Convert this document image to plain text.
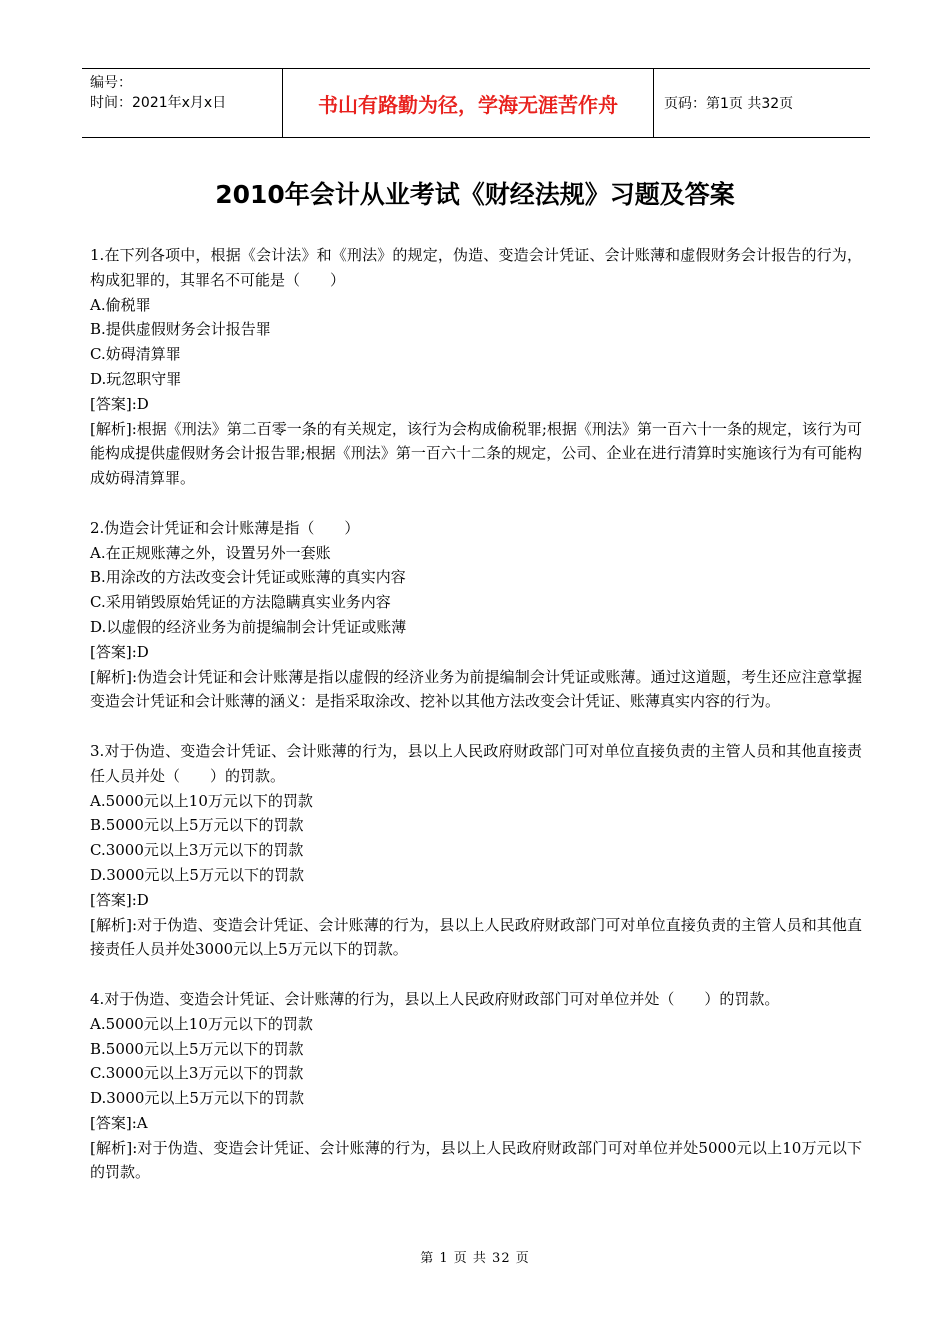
编号：
时间：2021年x月x日	书山有路勤为径，学海无涯苦作舟	页码：第1页 共32页
2010年会计从业考试《财经法规》习题及答案

1.在下列各项中，根据《会计法》和《刑法》的规定，伪造、变造会计凭证、会计账薄和虚假财务会计报告的行为，构成犯罪的，其罪名不可能是（　　）

A.偷税罪

B.提供虚假财务会计报告罪

C.妨碍清算罪

D.玩忽职守罪

[答案]:D

[解析]:根据《刑法》第二百零一条的有关规定，该行为会构成偷税罪;根据《刑法》第一百六十一条的规定，该行为可能构成提供虚假财务会计报告罪;根据《刑法》第一百六十二条的规定，公司、企业在进行清算时实施该行为有可能构成妨碍清算罪。

2.伪造会计凭证和会计账薄是指（　　）

A.在正规账薄之外，设置另外一套账

B.用涂改的方法改变会计凭证或账薄的真实内容

C.采用销毁原始凭证的方法隐瞒真实业务内容

D.以虚假的经济业务为前提编制会计凭证或账薄

[答案]:D

[解析]:伪造会计凭证和会计账薄是指以虚假的经济业务为前提编制会计凭证或账薄。通过这道题，考生还应注意掌握变造会计凭证和会计账薄的涵义：是指采取涂改、挖补以其他方法改变会计凭证、账薄真实内容的行为。

3.对于伪造、变造会计凭证、会计账薄的行为，县以上人民政府财政部门可对单位直接负责的主管人员和其他直接责任人员并处（　　）的罚款。

A.5000元以上10万元以下的罚款

B.5000元以上5万元以下的罚款

C.3000元以上3万元以下的罚款

D.3000元以上5万元以下的罚款

[答案]:D

[解析]:对于伪造、变造会计凭证、会计账薄的行为，县以上人民政府财政部门可对单位直接负责的主管人员和其他直接责任人员并处3000元以上5万元以下的罚款。

4.对于伪造、变造会计凭证、会计账薄的行为，县以上人民政府财政部门可对单位并处（　　）的罚款。

A.5000元以上10万元以下的罚款

B.5000元以上5万元以下的罚款

C.3000元以上3万元以下的罚款

D.3000元以上5万元以下的罚款

[答案]:A

[解析]:对于伪造、变造会计凭证、会计账薄的行为，县以上人民政府财政部门可对单位并处5000元以上10万元以下的罚款。

第 1 页 共 32 页
